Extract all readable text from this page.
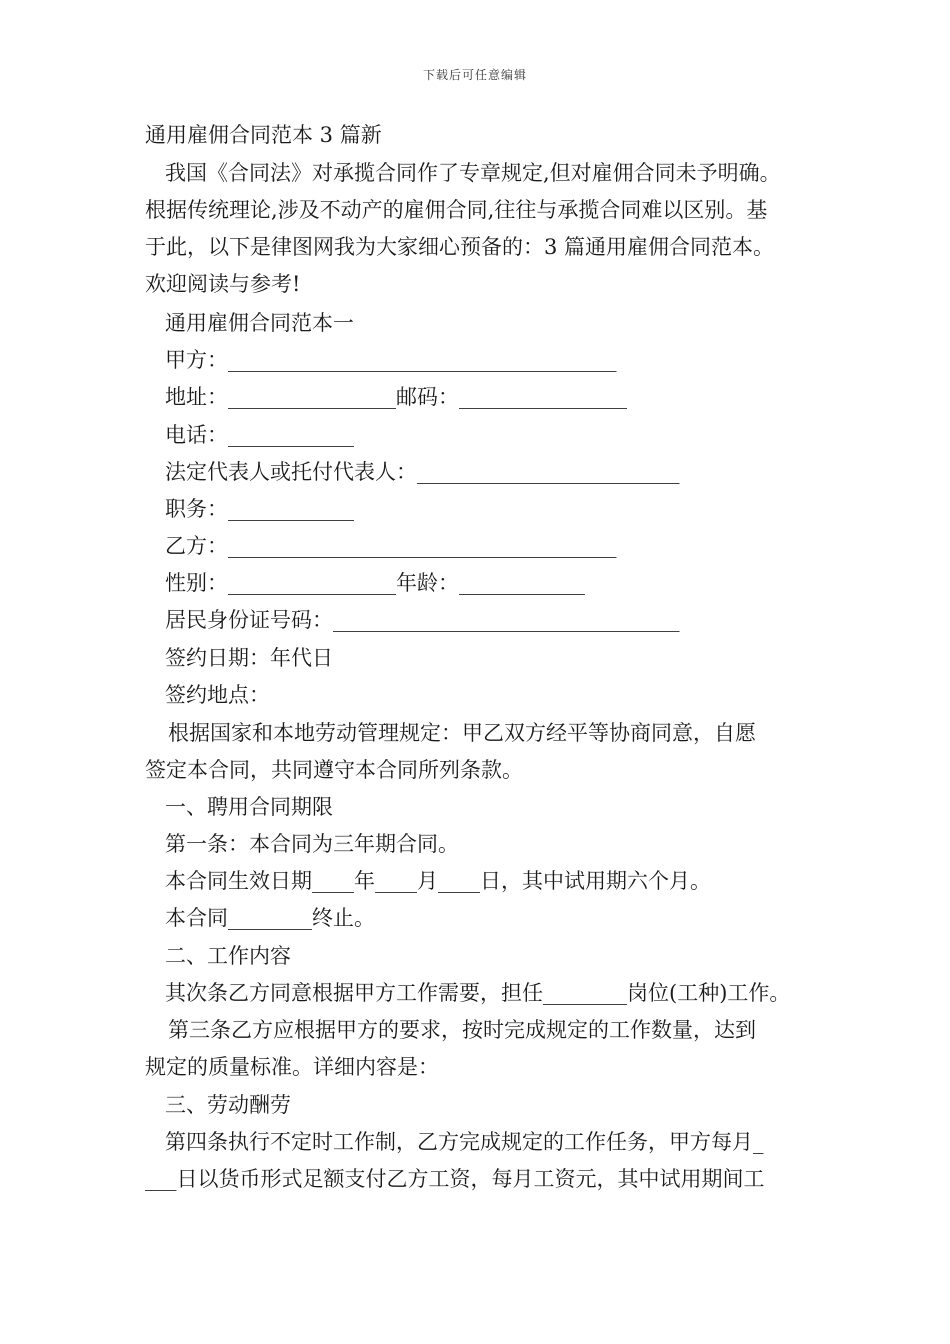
下载后可任意编辑
通用雇佣合同范本 3 篇新
我国《合同法》对承揽合同作了专章规定,但对雇佣合同未予明确。
根据传统理论,涉及不动产的雇佣合同,往往与承揽合同难以区别。基
于此，以下是律图网我为大家细心预备的：3 篇通用雇佣合同范本。
欢迎阅读与参考!
通用雇佣合同范本一
甲方：_____________________________________
地址：________________邮码：________________
电话：____________
法定代表人或托付代表人：_________________________
职务：____________
乙方：_____________________________________
性别：________________年龄：____________
居民身份证号码：_________________________________
签约日期：年代日
签约地点：
根据国家和本地劳动管理规定：甲乙双方经平等协商同意，自愿
签定本合同，共同遵守本合同所列条款。
一、聘用合同期限
第一条：本合同为三年期合同。
本合同生效日期____年____月____日，其中试用期六个月。
本合同________终止。
二、工作内容
其次条乙方同意根据甲方工作需要，担任________岗位(工种)工作。
第三条乙方应根据甲方的要求，按时完成规定的工作数量，达到
规定的质量标准。详细内容是：
三、劳动酬劳
第四条执行不定时工作制，乙方完成规定的工作任务，甲方每月_
___日以货币形式足额支付乙方工资，每月工资元，其中试用期间工
